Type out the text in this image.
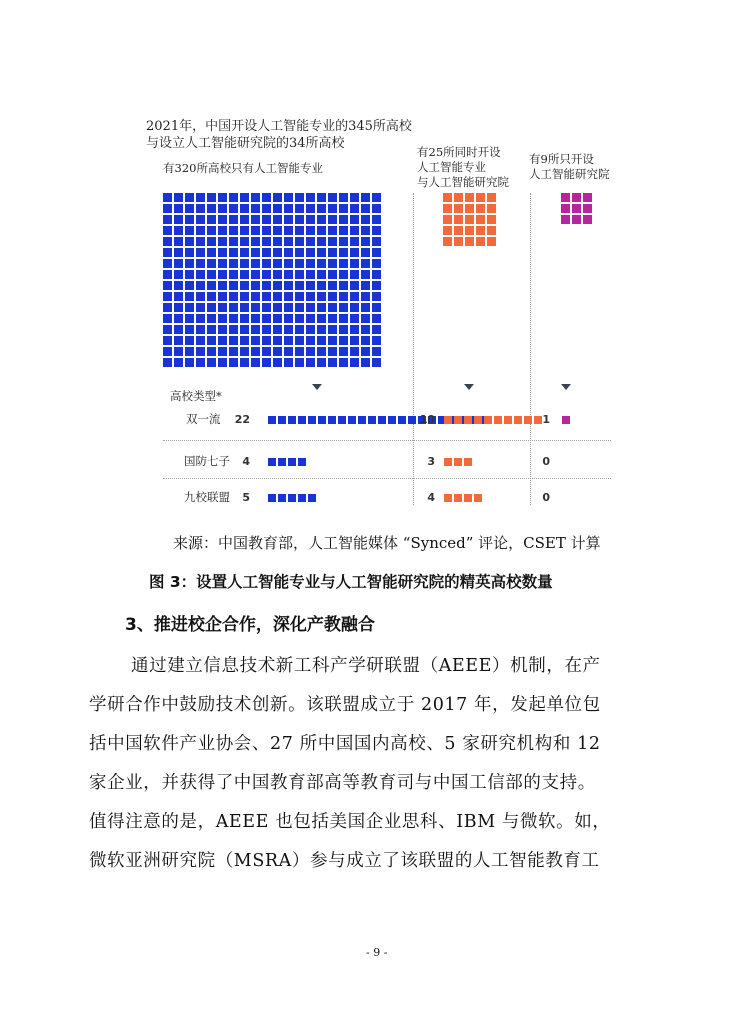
2021年，中国开设人工智能专业的345所高校
与设立人工智能研究院的34所高校
有320所高校只有人工智能专业
有25所同时开设
人工智能专业
与人工智能研究院
有9所只开设
人工智能研究院
高校类型*
双一流	22	10	1
国防七子	4	3	0
九校联盟	5	4	0
来源：中国教育部，人工智能媒体 “Synced” 评论，CSET 计算
图 3：设置人工智能专业与人工智能研究院的精英高校数量
3、推进校企合作，深化产教融合
通过建立信息技术新工科产学研联盟（AEEE）机制，在产
学研合作中鼓励技术创新。该联盟成立于 2017 年，发起单位包
括中国软件产业协会、27 所中国国内高校、5 家研究机构和 12
家企业，并获得了中国教育部高等教育司与中国工信部的支持。
值得注意的是，AEEE 也包括美国企业思科、IBM 与微软。如，
微软亚洲研究院（MSRA）参与成立了该联盟的人工智能教育工
- 9 -
